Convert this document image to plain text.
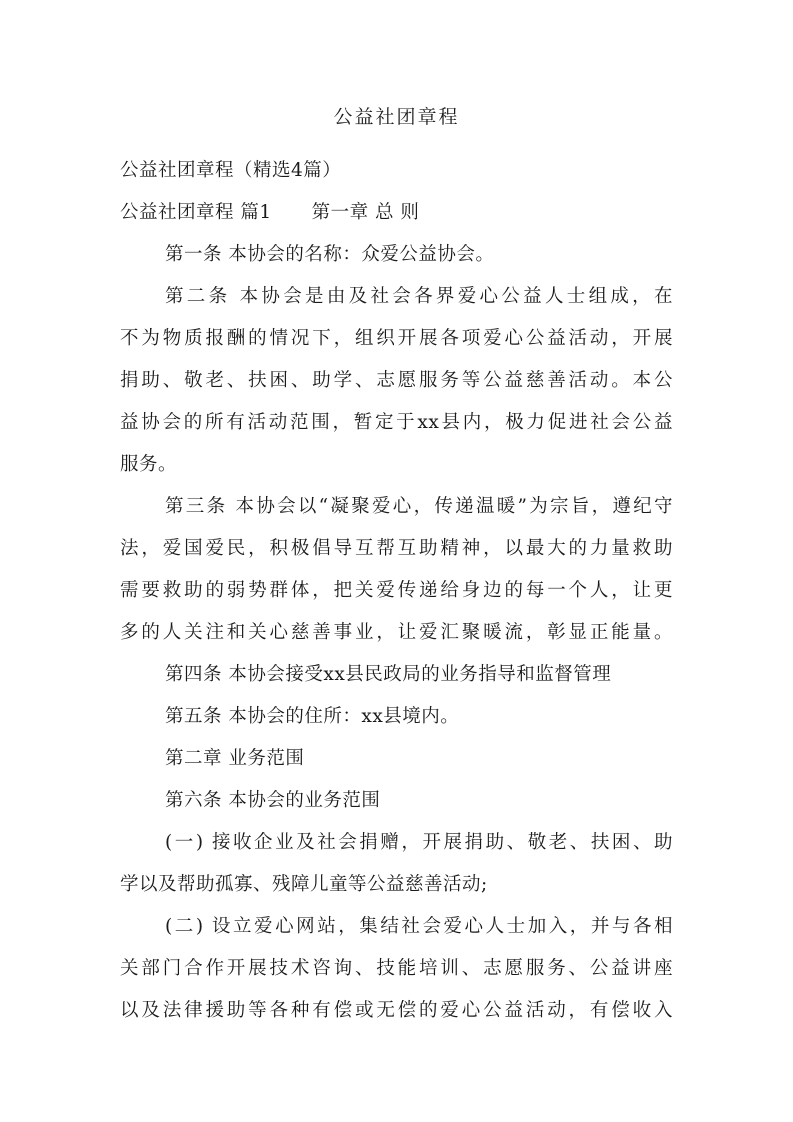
公益社团章程

公益社团章程（精选4篇）

公益社团章程 篇1 第一章 总 则

第一条 本协会的名称：众爱公益协会。

第二条 本协会是由及社会各界爱心公益人士组成，在

不为物质报酬的情况下，组织开展各项爱心公益活动，开展

捐助、敬老、扶困、助学、志愿服务等公益慈善活动。本公

益协会的所有活动范围，暂定于xx县内，极力促进社会公益

服务。

第三条 本协会以“凝聚爱心，传递温暖”为宗旨，遵纪守

法，爱国爱民，积极倡导互帮互助精神，以最大的力量救助

需要救助的弱势群体，把关爱传递给身边的每一个人，让更

多的人关注和关心慈善事业，让爱汇聚暖流，彰显正能量。

第四条 本协会接受xx县民政局的业务指导和监督管理

第五条 本协会的住所：xx县境内。

第二章 业务范围

第六条 本协会的业务范围

(一) 接收企业及社会捐赠，开展捐助、敬老、扶困、助

学以及帮助孤寡、残障儿童等公益慈善活动;

(二) 设立爱心网站，集结社会爱心人士加入，并与各相

关部门合作开展技术咨询、技能培训、志愿服务、公益讲座

以及法律援助等各种有偿或无偿的爱心公益活动，有偿收入
